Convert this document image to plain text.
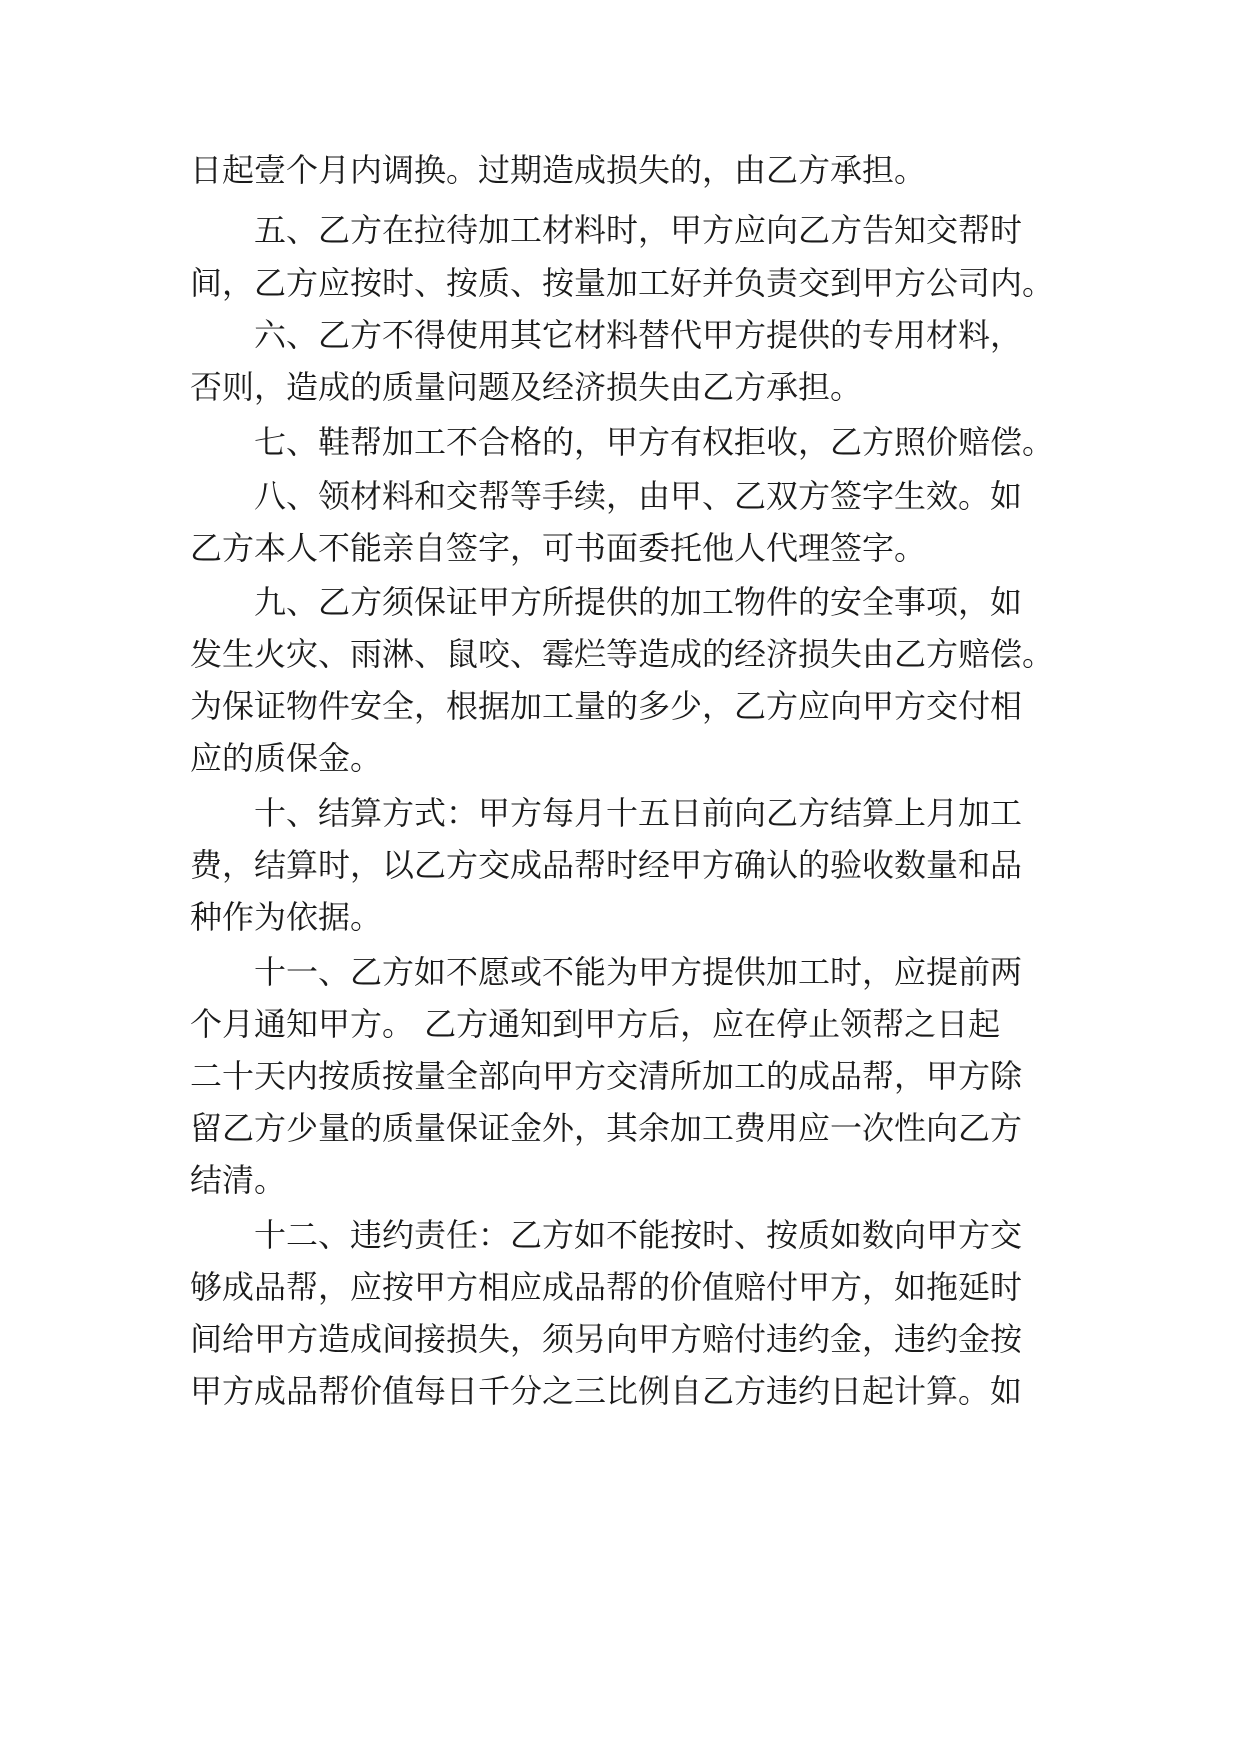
日起壹个月内调换。过期造成损失的，由乙方承担。
五、乙方在拉待加工材料时，甲方应向乙方告知交帮时
间，乙方应按时、按质、按量加工好并负责交到甲方公司内。
六、乙方不得使用其它材料替代甲方提供的专用材料，
否则，造成的质量问题及经济损失由乙方承担。
七、鞋帮加工不合格的，甲方有权拒收，乙方照价赔偿。
八、领材料和交帮等手续，由甲、乙双方签字生效。如
乙方本人不能亲自签字，可书面委托他人代理签字。
九、乙方须保证甲方所提供的加工物件的安全事项，如
发生火灾、雨淋、鼠咬、霉烂等造成的经济损失由乙方赔偿。
为保证物件安全，根据加工量的多少，乙方应向甲方交付相
应的质保金。
十、结算方式：甲方每月十五日前向乙方结算上月加工
费，结算时，以乙方交成品帮时经甲方确认的验收数量和品
种作为依据。
十一、乙方如不愿或不能为甲方提供加工时，应提前两
个月通知甲方。 乙方通知到甲方后，应在停止领帮之日起
二十天内按质按量全部向甲方交清所加工的成品帮，甲方除
留乙方少量的质量保证金外，其余加工费用应一次性向乙方
结清。
十二、违约责任：乙方如不能按时、按质如数向甲方交
够成品帮，应按甲方相应成品帮的价值赔付甲方，如拖延时
间给甲方造成间接损失，须另向甲方赔付违约金，违约金按
甲方成品帮价值每日千分之三比例自乙方违约日起计算。如
